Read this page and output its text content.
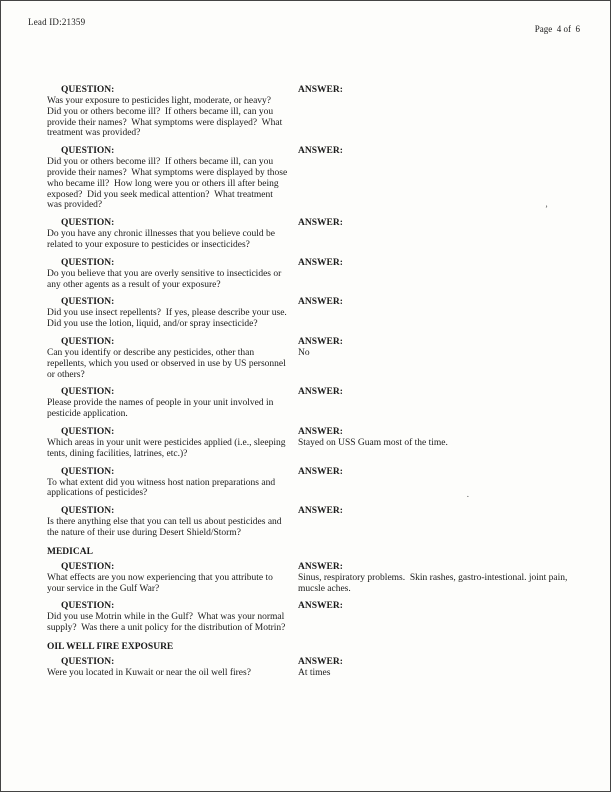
Lead ID:21359
Page  4 of  6
’
.
QUESTION:
Was your exposure to pesticides light, moderate, or heavy?  Did you or others become ill?  If others became ill, can you provide their names?  What symptoms were displayed?  What treatment was provided?
ANSWER:
QUESTION:
Did you or others become ill?  If others became ill, can you provide their names?  What symptoms were displayed by those who became ill?  How long were you or others ill after being exposed?  Did you seek medical attention?  What treatment was provided?
ANSWER:
QUESTION:
Do you have any chronic illnesses that you believe could be related to your exposure to pesticides or insecticides?
ANSWER:
QUESTION:
Do you believe that you are overly sensitive to insecticides or any other agents as a result of your exposure?
ANSWER:
QUESTION:
Did you use insect repellents?  If yes, please describe your use.  Did you use the lotion, liquid, and/or spray insecticide?
ANSWER:
QUESTION:
Can you identify or describe any pesticides, other than repellents, which you used or observed in use by US personnel or others?
ANSWER:
No
QUESTION:
Please provide the names of people in your unit involved in pesticide application.
ANSWER:
QUESTION:
Which areas in your unit were pesticides applied (i.e., sleeping tents, dining facilities, latrines, etc.)?
ANSWER:
Stayed on USS Guam most of the time.
QUESTION:
To what extent did you witness host nation preparations and applications of pesticides?
ANSWER:
QUESTION:
Is there anything else that you can tell us about pesticides and the nature of their use during Desert Shield/Storm?
ANSWER:
MEDICAL
QUESTION:
What effects are you now experiencing that you attribute to your service in the Gulf War?
ANSWER:
Sinus, respiratory problems.  Skin rashes, gastro-intestional. joint pain, mucsle aches.
QUESTION:
Did you use Motrin while in the Gulf?  What was your normal supply?  Was there a unit policy for the distribution of Motrin?
ANSWER:
OIL WELL FIRE EXPOSURE
QUESTION:
Were you located in Kuwait or near the oil well fires?
ANSWER:
At times
